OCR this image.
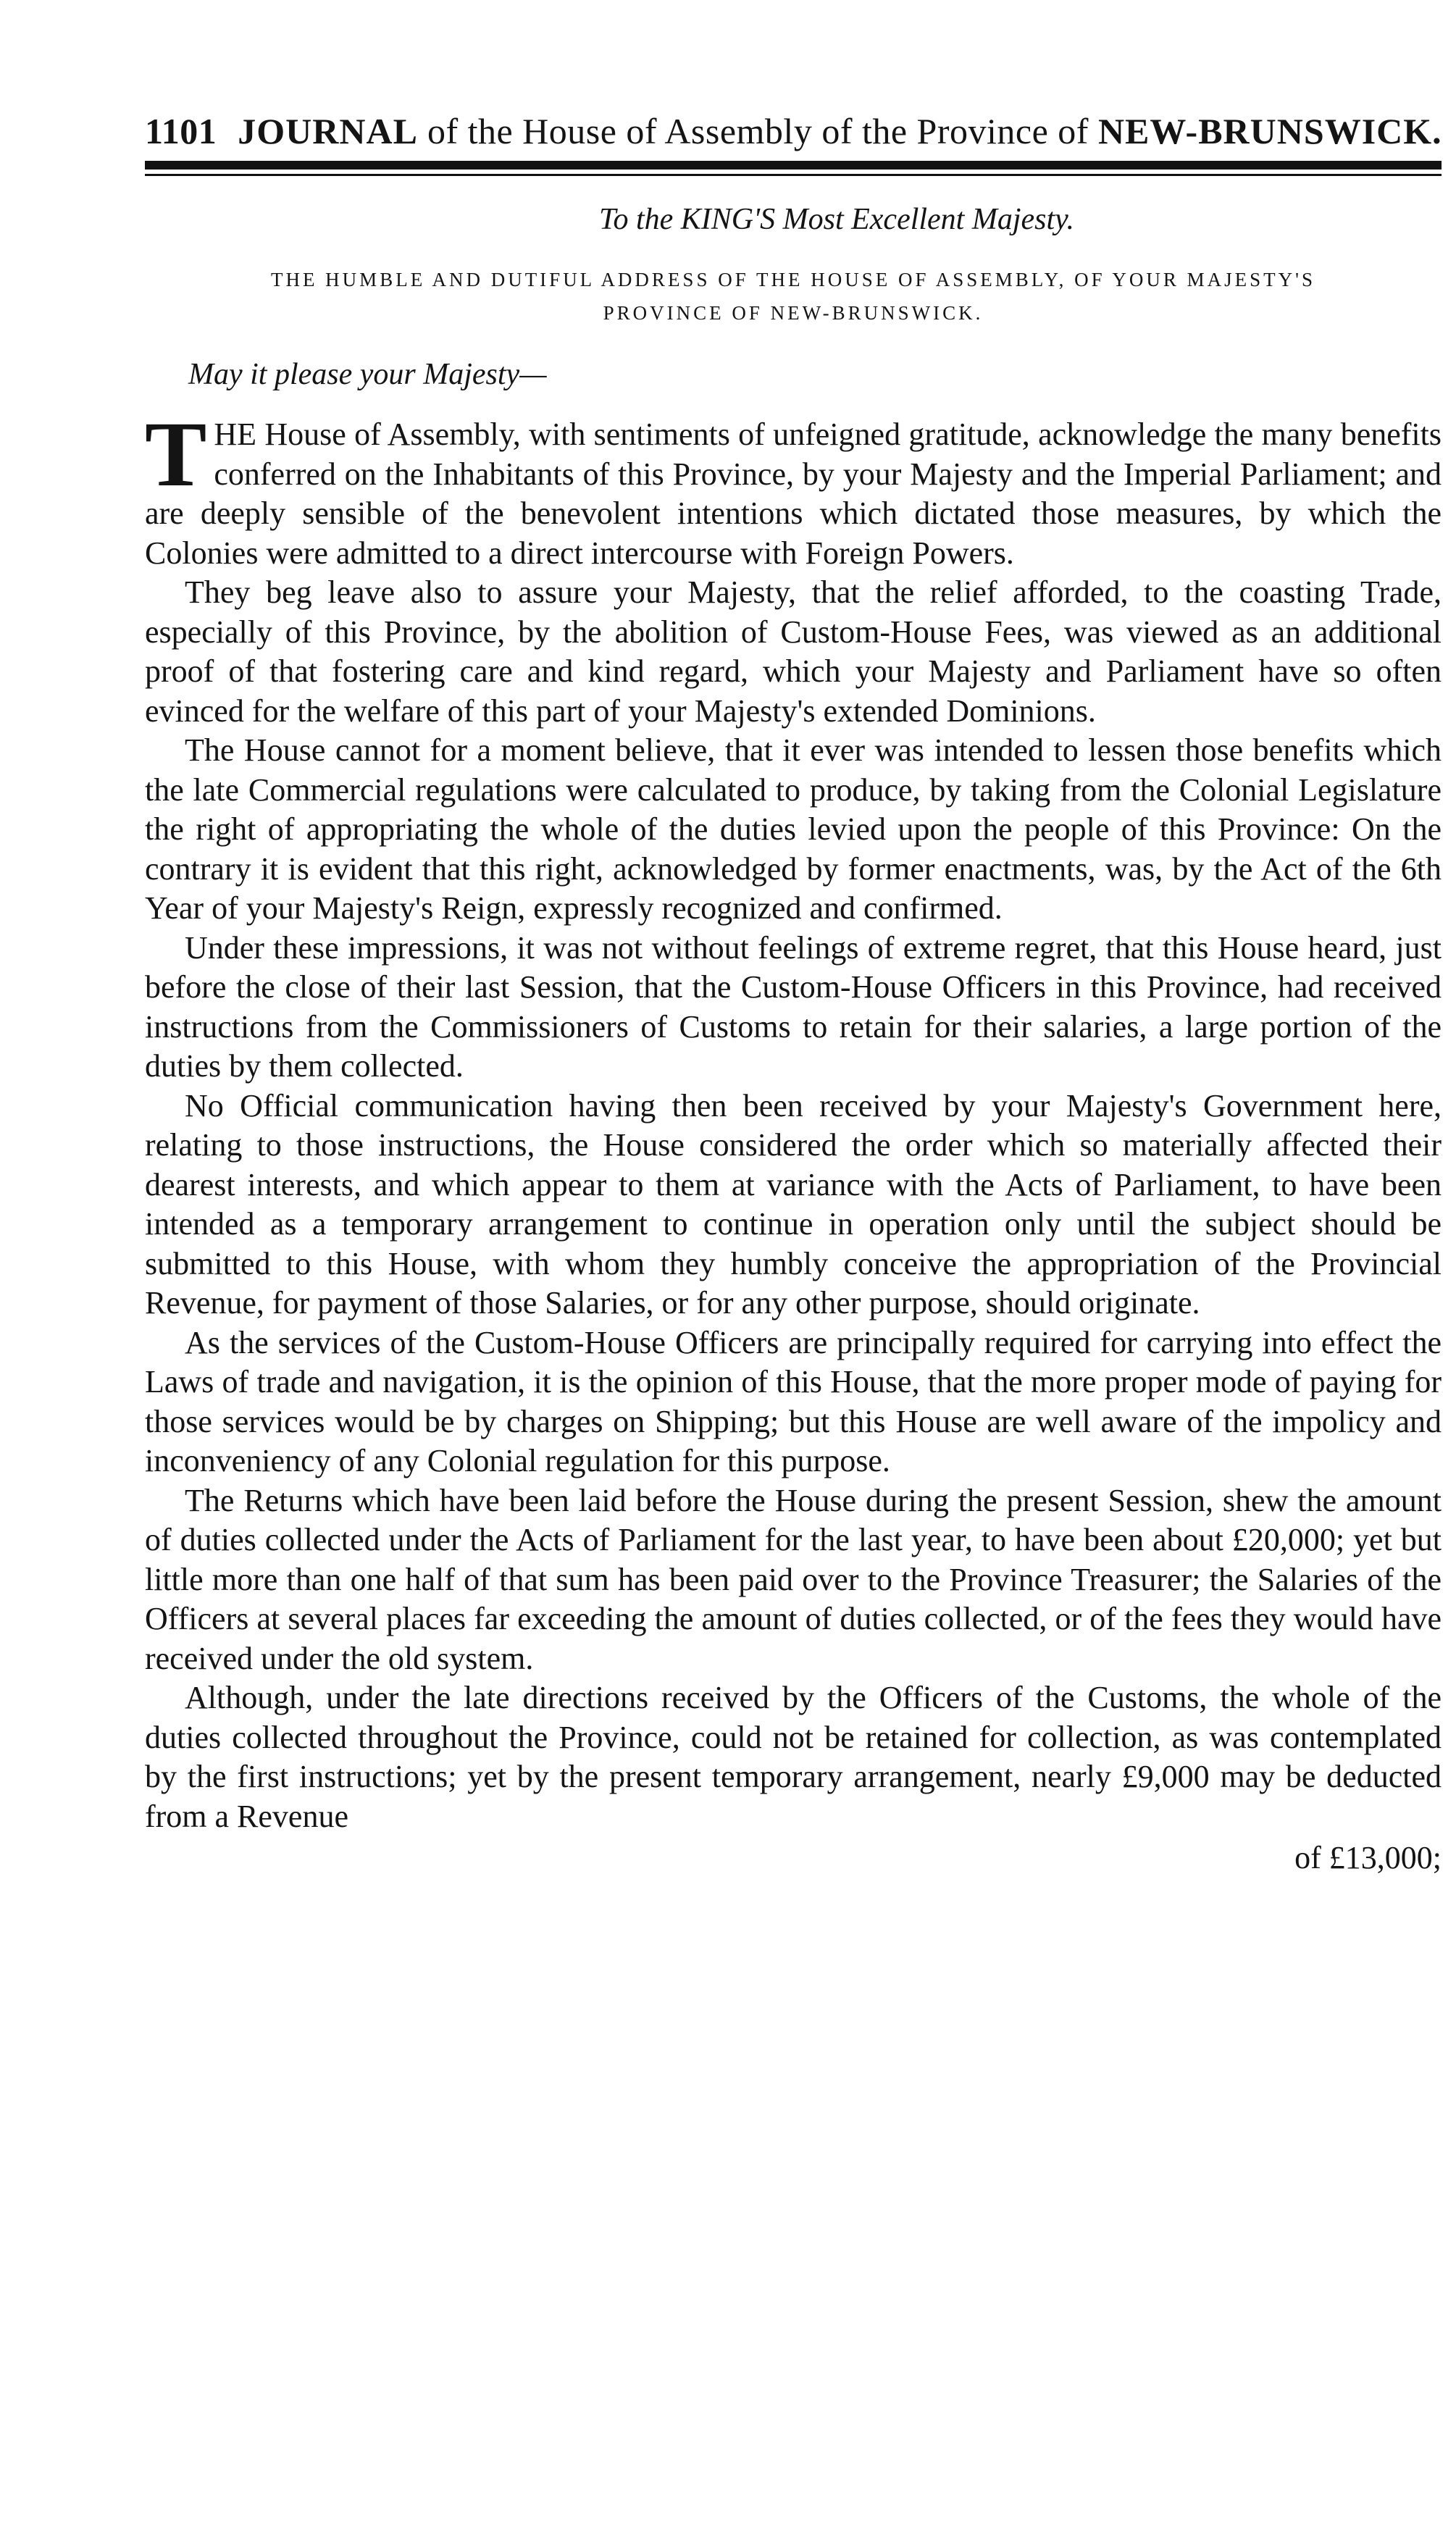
1101 JOURNAL of the House of Assembly of the Province of NEW-BRUNSWICK.
To the KING'S Most Excellent Majesty.
THE HUMBLE AND DUTIFUL ADDRESS OF THE HOUSE OF ASSEMBLY, OF YOUR MAJESTY'S
PROVINCE OF NEW-BRUNSWICK.
May it please your Majesty—

THE House of Assembly, with sentiments of unfeigned gratitude, acknowledge the many benefits conferred on the Inhabitants of this Province, by your Majesty and the Imperial Parliament; and are deeply sensible of the benevolent intentions which dictated those measures, by which the Colonies were admitted to a direct intercourse with Foreign Powers.

They beg leave also to assure your Majesty, that the relief afforded, to the coasting Trade, especially of this Province, by the abolition of Custom-House Fees, was viewed as an additional proof of that fostering care and kind regard, which your Majesty and Parliament have so often evinced for the welfare of this part of your Majesty's extended Dominions.

The House cannot for a moment believe, that it ever was intended to lessen those benefits which the late Commercial regulations were calculated to produce, by taking from the Colonial Legislature the right of appropriating the whole of the duties levied upon the people of this Province: On the contrary it is evident that this right, acknowledged by former enactments, was, by the Act of the 6th Year of your Majesty's Reign, expressly recognized and confirmed.

Under these impressions, it was not without feelings of extreme regret, that this House heard, just before the close of their last Session, that the Custom-House Officers in this Province, had received instructions from the Commissioners of Customs to retain for their salaries, a large portion of the duties by them collected.

No Official communication having then been received by your Majesty's Government here, relating to those instructions, the House considered the order which so materially affected their dearest interests, and which appear to them at variance with the Acts of Parliament, to have been intended as a temporary arrangement to continue in operation only until the subject should be submitted to this House, with whom they humbly conceive the appropriation of the Provincial Revenue, for payment of those Salaries, or for any other purpose, should originate.

As the services of the Custom-House Officers are principally required for carrying into effect the Laws of trade and navigation, it is the opinion of this House, that the more proper mode of paying for those services would be by charges on Shipping; but this House are well aware of the impolicy and inconveniency of any Colonial regulation for this purpose.

The Returns which have been laid before the House during the present Session, shew the amount of duties collected under the Acts of Parliament for the last year, to have been about £20,000; yet but little more than one half of that sum has been paid over to the Province Treasurer; the Salaries of the Officers at several places far exceeding the amount of duties collected, or of the fees they would have received under the old system.

Although, under the late directions received by the Officers of the Customs, the whole of the duties collected throughout the Province, could not be retained for collection, as was contemplated by the first instructions; yet by the present temporary arrangement, nearly £9,000 may be deducted from a Revenue

of £13,000;
